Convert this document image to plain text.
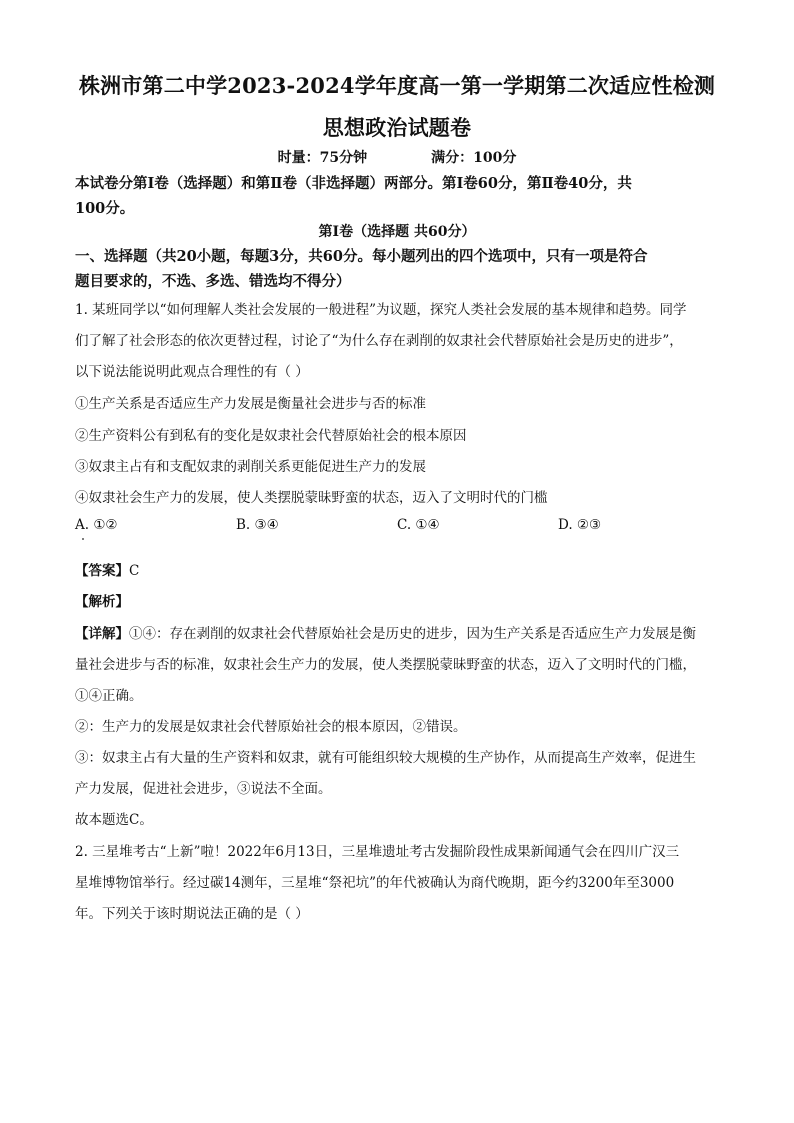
株洲市第二中学2023-2024学年度高一第一学期第二次适应性检测
思想政治试题卷
时量：75分钟	满分：100分
本试卷分第Ⅰ卷（选择题）和第Ⅱ卷（非选择题）两部分。第Ⅰ卷60分，第Ⅱ卷40分，共
100分。
第Ⅰ卷（选择题 共60分）
一、选择题（共20小题，每题3分，共60分。每小题列出的四个选项中，只有一项是符合
题目要求的，不选、多选、错选均不得分）
1. 某班同学以“如何理解人类社会发展的一般进程”为议题，探究人类社会发展的基本规律和趋势。同学
们了解了社会形态的依次更替过程，讨论了“为什么存在剥削的奴隶社会代替原始社会是历史的进步”，
以下说法能说明此观点合理性的有（ ）
①生产关系是否适应生产力发展是衡量社会进步与否的标准
②生产资料公有到私有的变化是奴隶社会代替原始社会的根本原因
③奴隶主占有和支配奴隶的剥削关系更能促进生产力的发展
④奴隶社会生产力的发展，使人类摆脱蒙昧野蛮的状态，迈入了文明时代的门槛
A. ①②	B. ③④	C. ①④	D. ②③
【答案】C
【解析】
【详解】①④：存在剥削的奴隶社会代替原始社会是历史的进步，因为生产关系是否适应生产力发展是衡
量社会进步与否的标准，奴隶社会生产力的发展，使人类摆脱蒙昧野蛮的状态，迈入了文明时代的门槛，
①④正确。
②：生产力的发展是奴隶社会代替原始社会的根本原因，②错误。
③：奴隶主占有大量的生产资料和奴隶，就有可能组织较大规模的生产协作，从而提高生产效率，促进生
产力发展，促进社会进步，③说法不全面。
故本题选C。
2. 三星堆考古“上新”啦！2022年6月13日，三星堆遗址考古发掘阶段性成果新闻通气会在四川广汉三
星堆博物馆举行。经过碳14测年，三星堆“祭祀坑”的年代被确认为商代晚期，距今约3200年至3000
年。下列关于该时期说法正确的是（ ）
